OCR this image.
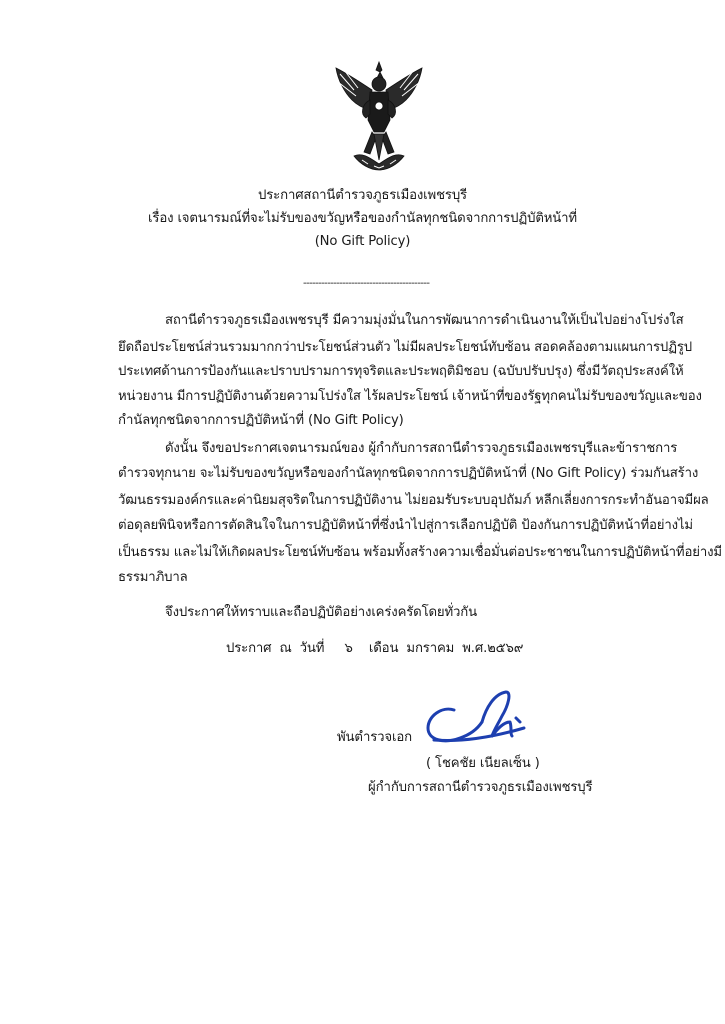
ประกาศสถานีตำรวจภูธรเมืองเพชรบุรี
เรื่อง เจตนารมณ์ที่จะไม่รับของขวัญหรือของกำนัลทุกชนิดจากการปฏิบัติหน้าที่
(No Gift Policy)
------------------------------------------
สถานีตำรวจภูธรเมืองเพชรบุรี มีความมุ่งมั่นในการพัฒนาการดำเนินงานให้เป็นไปอย่างโปร่งใส
ยึดถือประโยชน์ส่วนรวมมากกว่าประโยชน์ส่วนตัว ไม่มีผลประโยชน์ทับซ้อน สอดคล้องตามแผนการปฏิรูป
ประเทศด้านการป้องกันและปราบปรามการทุจริตและประพฤติมิชอบ (ฉบับปรับปรุง) ซึ่งมีวัตถุประสงค์ให้
หน่วยงาน มีการปฏิบัติงานด้วยความโปร่งใส ไร้ผลประโยชน์ เจ้าหน้าที่ของรัฐทุกคนไม่รับของขวัญและของ
กำนัลทุกชนิดจากการปฏิบัติหน้าที่ (No Gift Policy)
ดังนั้น จึงขอประกาศเจตนารมณ์ของ ผู้กำกับการสถานีตำรวจภูธรเมืองเพชรบุรีและข้าราชการ
ตำรวจทุกนาย จะไม่รับของขวัญหรือของกำนัลทุกชนิดจากการปฏิบัติหน้าที่ (No Gift Policy) ร่วมกันสร้าง
วัฒนธรรมองค์กรและค่านิยมสุจริตในการปฏิบัติงาน ไม่ยอมรับระบบอุปถัมภ์ หลีกเลี่ยงการกระทำอันอาจมีผล
ต่อดุลยพินิจหรือการตัดสินใจในการปฏิบัติหน้าที่ซึ่งนำไปสู่การเลือกปฏิบัติ ป้องกันการปฏิบัติหน้าที่อย่างไม่
เป็นธรรม และไม่ให้เกิดผลประโยชน์ทับซ้อน พร้อมทั้งสร้างความเชื่อมั่นต่อประชาชนในการปฏิบัติหน้าที่อย่างมี
ธรรมาภิบาล
จึงประกาศให้ทราบและถือปฏิบัติอย่างเคร่งครัดโดยทั่วกัน
ประกาศ  ณ  วันที่     ๖    เดือน  มกราคม  พ.ศ.๒๕๖๙
พันตำรวจเอก
( โชคชัย เนียลเซ็น )
ผู้กำกับการสถานีตำรวจภูธรเมืองเพชรบุรี
